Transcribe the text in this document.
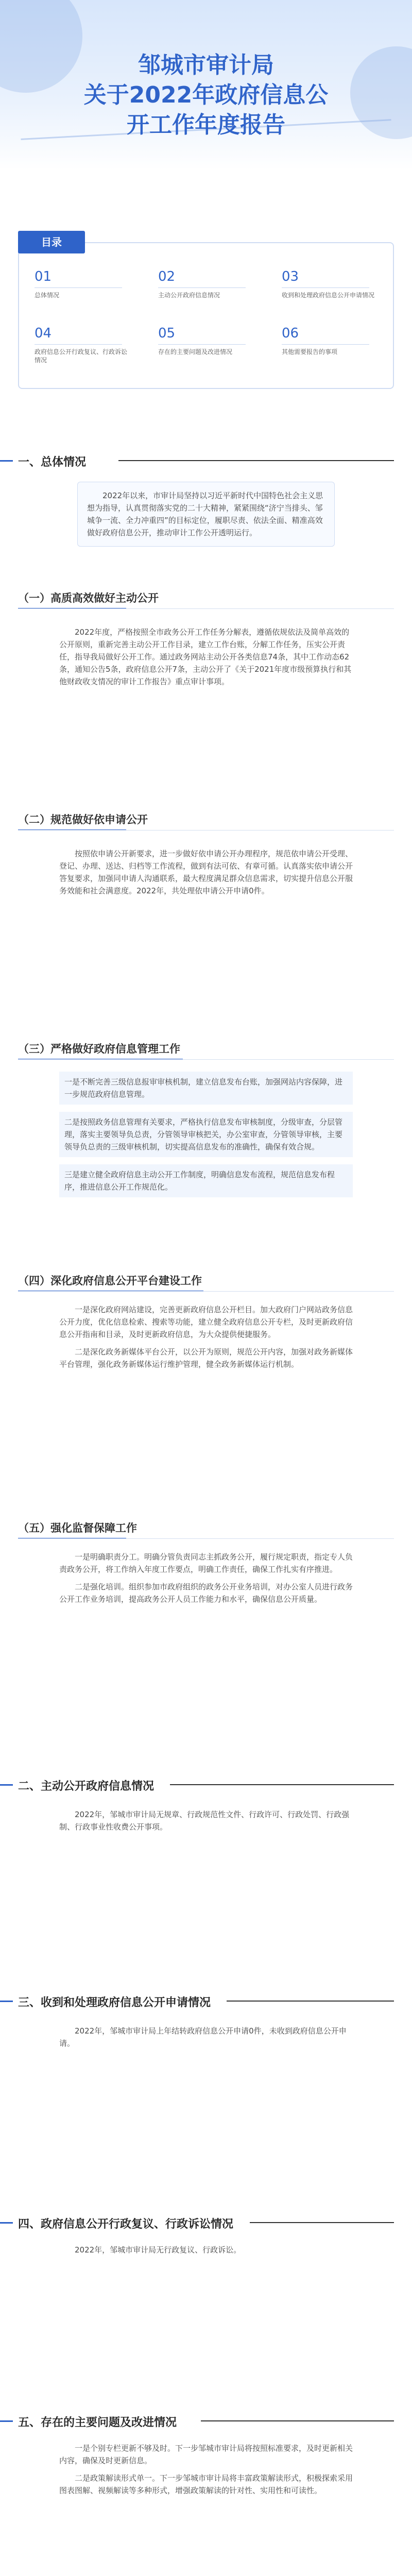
邹城市审计局
关于2022年政府信息公
开工作年度报告
01
总体情况
02
主动公开政府信息情况
03
收到和处理政府信息公开申请情况
04
政府信息公开行政复议、行政诉讼情况
05
存在的主要问题及改进情况
06
其他需要报告的事项
目录
一、总体情况

2022年以来，市审计局坚持以习近平新时代中国特色社会主义思想为指导，认真贯彻落实党的二十大精神，紧紧围绕“济宁当排头、邹城争一流、全力冲重四”的目标定位，履职尽责、依法全面、精准高效做好政府信息公开，推动审计工作公开透明运行。

（一）高质高效做好主动公开

2022年度，严格按照全市政务公开工作任务分解表，遵循依规依法及简单高效的公开原则，重新完善主动公开工作目录，建立工作台账，分解工作任务，压实公开责任，指导我局做好公开工作。通过政务网站主动公开各类信息74条，其中工作动态62条，通知公告5条，政府信息公开7条，主动公开了《关于2021年度市级预算执行和其他财政收支情况的审计工作报告》重点审计事项。

（二）规范做好依申请公开

按照依申请公开新要求，进一步做好依申请公开办理程序，规范依申请公开受理、登记、办理、送达、归档等工作流程，做到有法可依、有章可循。认真落实依申请公开答复要求，加强同申请人沟通联系，最大程度满足群众信息需求，切实提升信息公开服务效能和社会满意度。2022年，共处理依申请公开申请0件。

（三）严格做好政府信息管理工作

一是不断完善三级信息报审审核机制，建立信息发布台账，加强网站内容保障，进一步规范政府信息管理。

二是按照政务信息管理有关要求，严格执行信息发布审核制度，分级审查，分层管理，落实主要领导负总责，分管领导审核把关，办公室审查，分管领导审核，主要领导负总责的三级审核机制，切实提高信息发布的准确性，确保有效合规。

三是建立健全政府信息主动公开工作制度，明确信息发布流程，规范信息发布程序，推进信息公开工作规范化。

（四）深化政府信息公开平台建设工作

一是深化政府网站建设，完善更新政府信息公开栏目。加大政府门户网站政务信息公开力度，优化信息检索、搜索等功能，建立健全政府信息公开专栏，及时更新政府信息公开指南和目录，及时更新政府信息，为大众提供便捷服务。

二是深化政务新媒体平台公开，以公开为原则，规范公开内容，加强对政务新媒体平台管理，强化政务新媒体运行维护管理，健全政务新媒体运行机制。

（五）强化监督保障工作

一是明确职责分工。明确分管负责同志主抓政务公开，履行规定职责，指定专人负责政务公开，将工作纳入年度工作要点，明确工作责任，确保工作扎实有序推进。

二是强化培训。组织参加市政府组织的政务公开业务培训，对办公室人员进行政务公开工作业务培训，提高政务公开人员工作能力和水平，确保信息公开质量。

二、主动公开政府信息情况

2022年，邹城市审计局无规章、行政规范性文件、行政许可、行政处罚、行政强制、行政事业性收费公开事项。

三、收到和处理政府信息公开申请情况

2022年，邹城市审计局上年结转政府信息公开申请0件，未收到政府信息公开申请。

四、政府信息公开行政复议、行政诉讼情况

2022年，邹城市审计局无行政复议、行政诉讼。

五、存在的主要问题及改进情况

一是个别专栏更新不够及时。下一步邹城市审计局将按照标准要求，及时更新相关内容，确保及时更新信息。

二是政策解读形式单一。下一步邹城市审计局将丰富政策解读形式，积极探索采用图表图解、视频解读等多种形式，增强政策解读的针对性、实用性和可读性。
